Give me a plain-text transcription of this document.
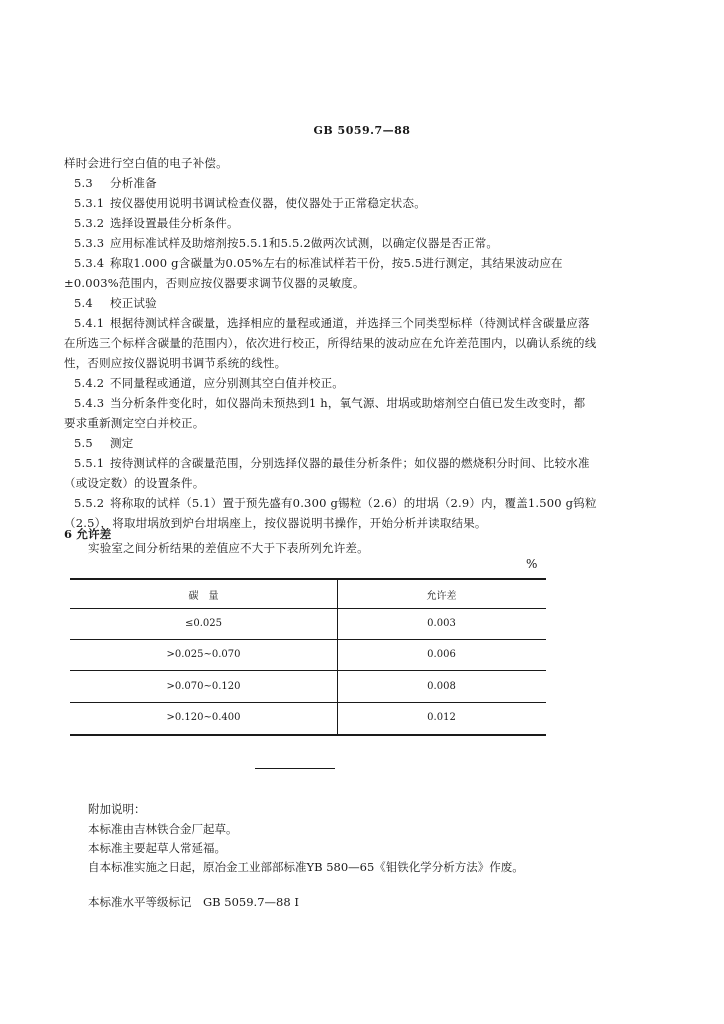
GB 5059.7—88
样时会进行空白值的电子补偿。
5.3 分析准备
5.3.1 按仪器使用说明书调试检查仪器，使仪器处于正常稳定状态。
5.3.2 选择设置最佳分析条件。
5.3.3 应用标准试样及助熔剂按5.5.1和5.5.2做两次试测，以确定仪器是否正常。
5.3.4 称取1.000 g含碳量为0.05%左右的标准试样若干份，按5.5进行测定，其结果波动应在
±0.003%范围内，否则应按仪器要求调节仪器的灵敏度。
5.4 校正试验
5.4.1 根据待测试样含碳量，选择相应的量程或通道，并选择三个同类型标样（待测试样含碳量应落
在所选三个标样含碳量的范围内），依次进行校正，所得结果的波动应在允许差范围内，以确认系统的线
性，否则应按仪器说明书调节系统的线性。
5.4.2 不同量程或通道，应分别测其空白值并校正。
5.4.3 当分析条件变化时，如仪器尚未预热到1 h，氧气源、坩埚或助熔剂空白值已发生改变时，都
要求重新测定空白并校正。
5.5 测定
5.5.1 按待测试样的含碳量范围，分别选择仪器的最佳分析条件；如仪器的燃烧积分时间、比较水准
（或设定数）的设置条件。
5.5.2 将称取的试样（5.1）置于预先盛有0.300 g锡粒（2.6）的坩埚（2.9）内，覆盖1.500 g钨粒
（2.5），将取坩埚放到炉台坩埚座上，按仪器说明书操作，开始分析并读取结果。
6 允许差
实验室之间分析结果的差值应不大于下表所列允许差。
%
碳　量	允许差
≤0.025	0.003
>0.025~0.070	0.006
>0.070~0.120	0.008
>0.120~0.400	0.012
附加说明：
本标准由吉林铁合金厂起草。
本标准主要起草人常延福。
自本标准实施之日起，原冶金工业部部标准YB 580—65《钼铁化学分析方法》作废。
本标准水平等级标记　GB 5059.7—88 I
